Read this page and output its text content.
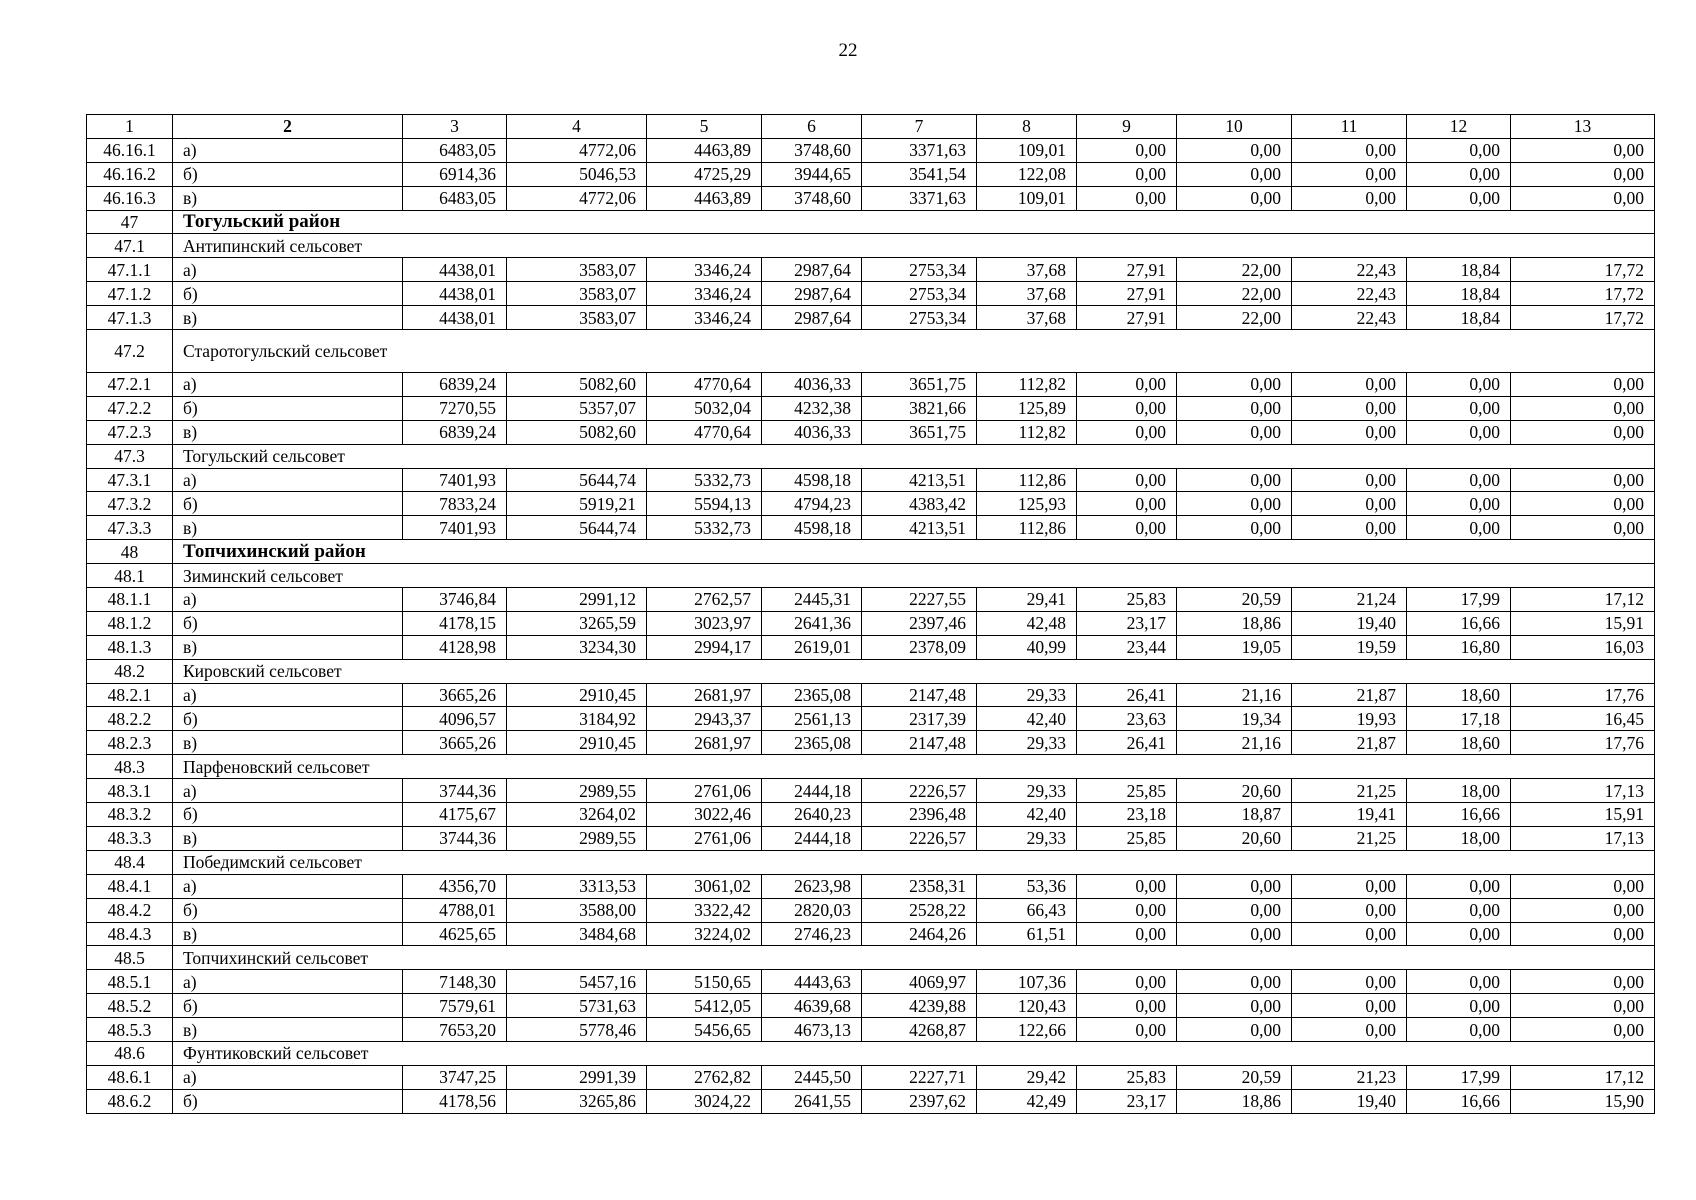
22
1	2	3	4	5	6	7	8	9	10	11	12	13
46.16.1	а)	6483,05	4772,06	4463,89	3748,60	3371,63	109,01	0,00	0,00	0,00	0,00	0,00
46.16.2	б)	6914,36	5046,53	4725,29	3944,65	3541,54	122,08	0,00	0,00	0,00	0,00	0,00
46.16.3	в)	6483,05	4772,06	4463,89	3748,60	3371,63	109,01	0,00	0,00	0,00	0,00	0,00
47	Тогульский район											
47.1	Антипинский сельсовет											
47.1.1	а)	4438,01	3583,07	3346,24	2987,64	2753,34	37,68	27,91	22,00	22,43	18,84	17,72
47.1.2	б)	4438,01	3583,07	3346,24	2987,64	2753,34	37,68	27,91	22,00	22,43	18,84	17,72
47.1.3	в)	4438,01	3583,07	3346,24	2987,64	2753,34	37,68	27,91	22,00	22,43	18,84	17,72
47.2	Старотогульский сельсовет											
47.2.1	а)	6839,24	5082,60	4770,64	4036,33	3651,75	112,82	0,00	0,00	0,00	0,00	0,00
47.2.2	б)	7270,55	5357,07	5032,04	4232,38	3821,66	125,89	0,00	0,00	0,00	0,00	0,00
47.2.3	в)	6839,24	5082,60	4770,64	4036,33	3651,75	112,82	0,00	0,00	0,00	0,00	0,00
47.3	Тогульский сельсовет											
47.3.1	а)	7401,93	5644,74	5332,73	4598,18	4213,51	112,86	0,00	0,00	0,00	0,00	0,00
47.3.2	б)	7833,24	5919,21	5594,13	4794,23	4383,42	125,93	0,00	0,00	0,00	0,00	0,00
47.3.3	в)	7401,93	5644,74	5332,73	4598,18	4213,51	112,86	0,00	0,00	0,00	0,00	0,00
48	Топчихинский район											
48.1	Зиминский сельсовет											
48.1.1	а)	3746,84	2991,12	2762,57	2445,31	2227,55	29,41	25,83	20,59	21,24	17,99	17,12
48.1.2	б)	4178,15	3265,59	3023,97	2641,36	2397,46	42,48	23,17	18,86	19,40	16,66	15,91
48.1.3	в)	4128,98	3234,30	2994,17	2619,01	2378,09	40,99	23,44	19,05	19,59	16,80	16,03
48.2	Кировский сельсовет											
48.2.1	а)	3665,26	2910,45	2681,97	2365,08	2147,48	29,33	26,41	21,16	21,87	18,60	17,76
48.2.2	б)	4096,57	3184,92	2943,37	2561,13	2317,39	42,40	23,63	19,34	19,93	17,18	16,45
48.2.3	в)	3665,26	2910,45	2681,97	2365,08	2147,48	29,33	26,41	21,16	21,87	18,60	17,76
48.3	Парфеновский сельсовет											
48.3.1	а)	3744,36	2989,55	2761,06	2444,18	2226,57	29,33	25,85	20,60	21,25	18,00	17,13
48.3.2	б)	4175,67	3264,02	3022,46	2640,23	2396,48	42,40	23,18	18,87	19,41	16,66	15,91
48.3.3	в)	3744,36	2989,55	2761,06	2444,18	2226,57	29,33	25,85	20,60	21,25	18,00	17,13
48.4	Победимский сельсовет											
48.4.1	а)	4356,70	3313,53	3061,02	2623,98	2358,31	53,36	0,00	0,00	0,00	0,00	0,00
48.4.2	б)	4788,01	3588,00	3322,42	2820,03	2528,22	66,43	0,00	0,00	0,00	0,00	0,00
48.4.3	в)	4625,65	3484,68	3224,02	2746,23	2464,26	61,51	0,00	0,00	0,00	0,00	0,00
48.5	Топчихинский сельсовет											
48.5.1	а)	7148,30	5457,16	5150,65	4443,63	4069,97	107,36	0,00	0,00	0,00	0,00	0,00
48.5.2	б)	7579,61	5731,63	5412,05	4639,68	4239,88	120,43	0,00	0,00	0,00	0,00	0,00
48.5.3	в)	7653,20	5778,46	5456,65	4673,13	4268,87	122,66	0,00	0,00	0,00	0,00	0,00
48.6	Фунтиковский сельсовет											
48.6.1	а)	3747,25	2991,39	2762,82	2445,50	2227,71	29,42	25,83	20,59	21,23	17,99	17,12
48.6.2	б)	4178,56	3265,86	3024,22	2641,55	2397,62	42,49	23,17	18,86	19,40	16,66	15,90
